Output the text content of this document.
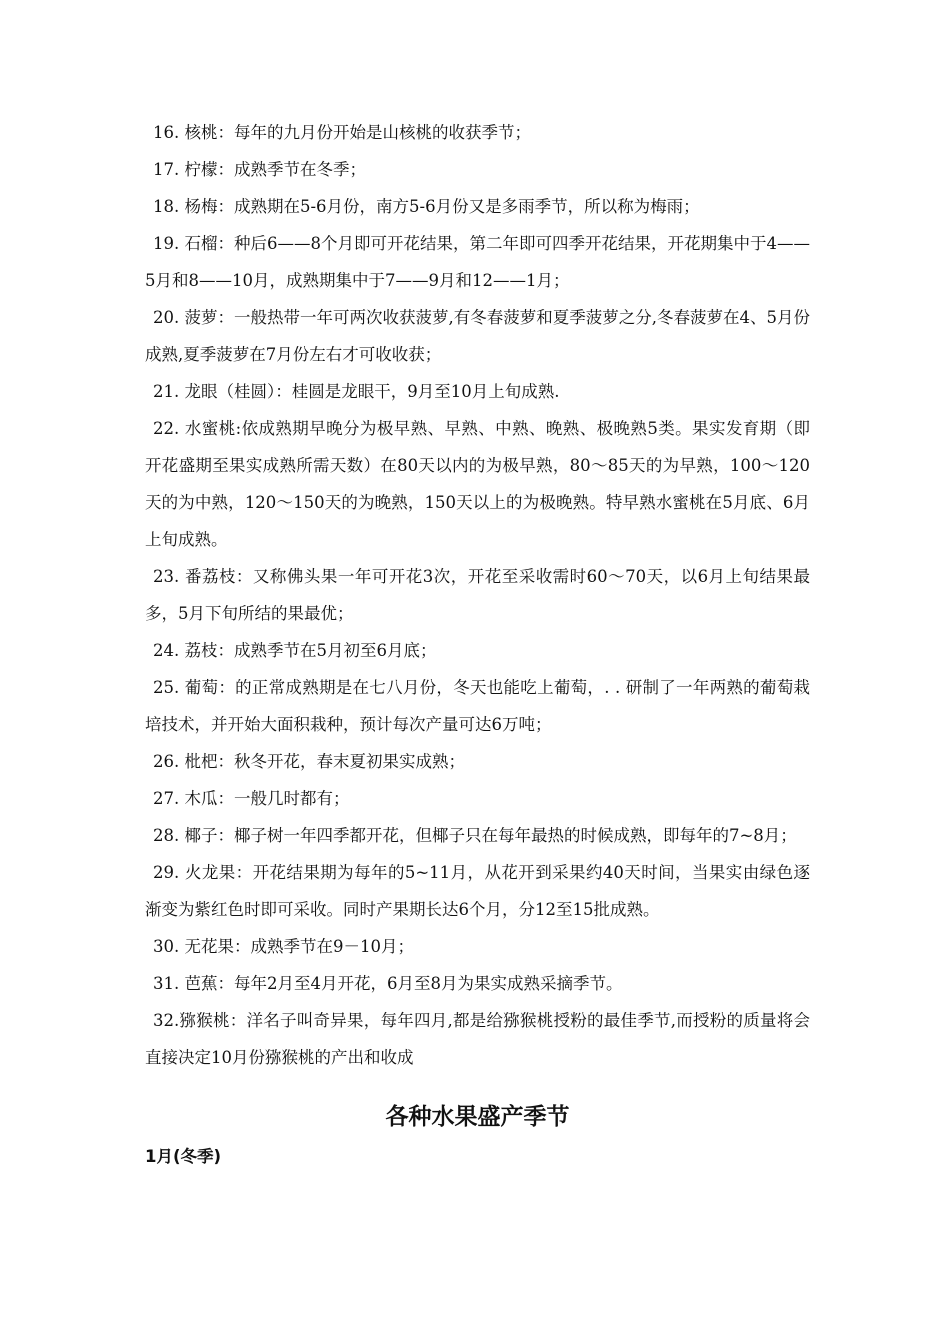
16. 核桃：每年的九月份开始是山核桃的收获季节；

17. 柠檬：成熟季节在冬季；

18. 杨梅：成熟期在5-6月份，南方5-6月份又是多雨季节，所以称为梅雨；

19. 石榴：种后6——8个月即可开花结果，第二年即可四季开花结果，开花期集中于4——5月和8——10月，成熟期集中于7——9月和12——1月；

20. 菠萝：一般热带一年可两次收获菠萝,有冬春菠萝和夏季菠萝之分,冬春菠萝在4、5月份成熟,夏季菠萝在7月份左右才可收收获；

21. 龙眼（桂圆）：桂圆是龙眼干，9月至10月上旬成熟.

22. 水蜜桃:依成熟期早晚分为极早熟、早熟、中熟、晚熟、极晚熟5类。果实发育期（即开花盛期至果实成熟所需天数）在80天以内的为极早熟，80～85天的为早熟，100～120天的为中熟，120～150天的为晚熟，150天以上的为极晚熟。特早熟水蜜桃在5月底、6月上旬成熟。

23. 番荔枝：又称佛头果一年可开花3次，开花至采收需时60～70天，以6月上旬结果最多，5月下旬所结的果最优；

24. 荔枝：成熟季节在5月初至6月底；

25. 葡萄：的正常成熟期是在七八月份，冬天也能吃上葡萄，. . 研制了一年两熟的葡萄栽培技术，并开始大面积栽种，预计每次产量可达6万吨；

26. 枇杷：秋冬开花，春末夏初果实成熟；

27. 木瓜：一般几时都有；

28. 椰子：椰子树一年四季都开花，但椰子只在每年最热的时候成熟，即每年的7~8月；

29. 火龙果：开花结果期为每年的5~11月，从花开到采果约40天时间，当果实由绿色逐渐变为紫红色时即可采收。同时产果期长达6个月，分12至15批成熟。

30. 无花果：成熟季节在9－10月；

31. 芭蕉：每年2月至4月开花，6月至8月为果实成熟采摘季节。

32.猕猴桃：洋名子叫奇异果，每年四月,都是给猕猴桃授粉的最佳季节,而授粉的质量将会直接决定10月份猕猴桃的产出和收成

各种水果盛产季节
1月(冬季)
